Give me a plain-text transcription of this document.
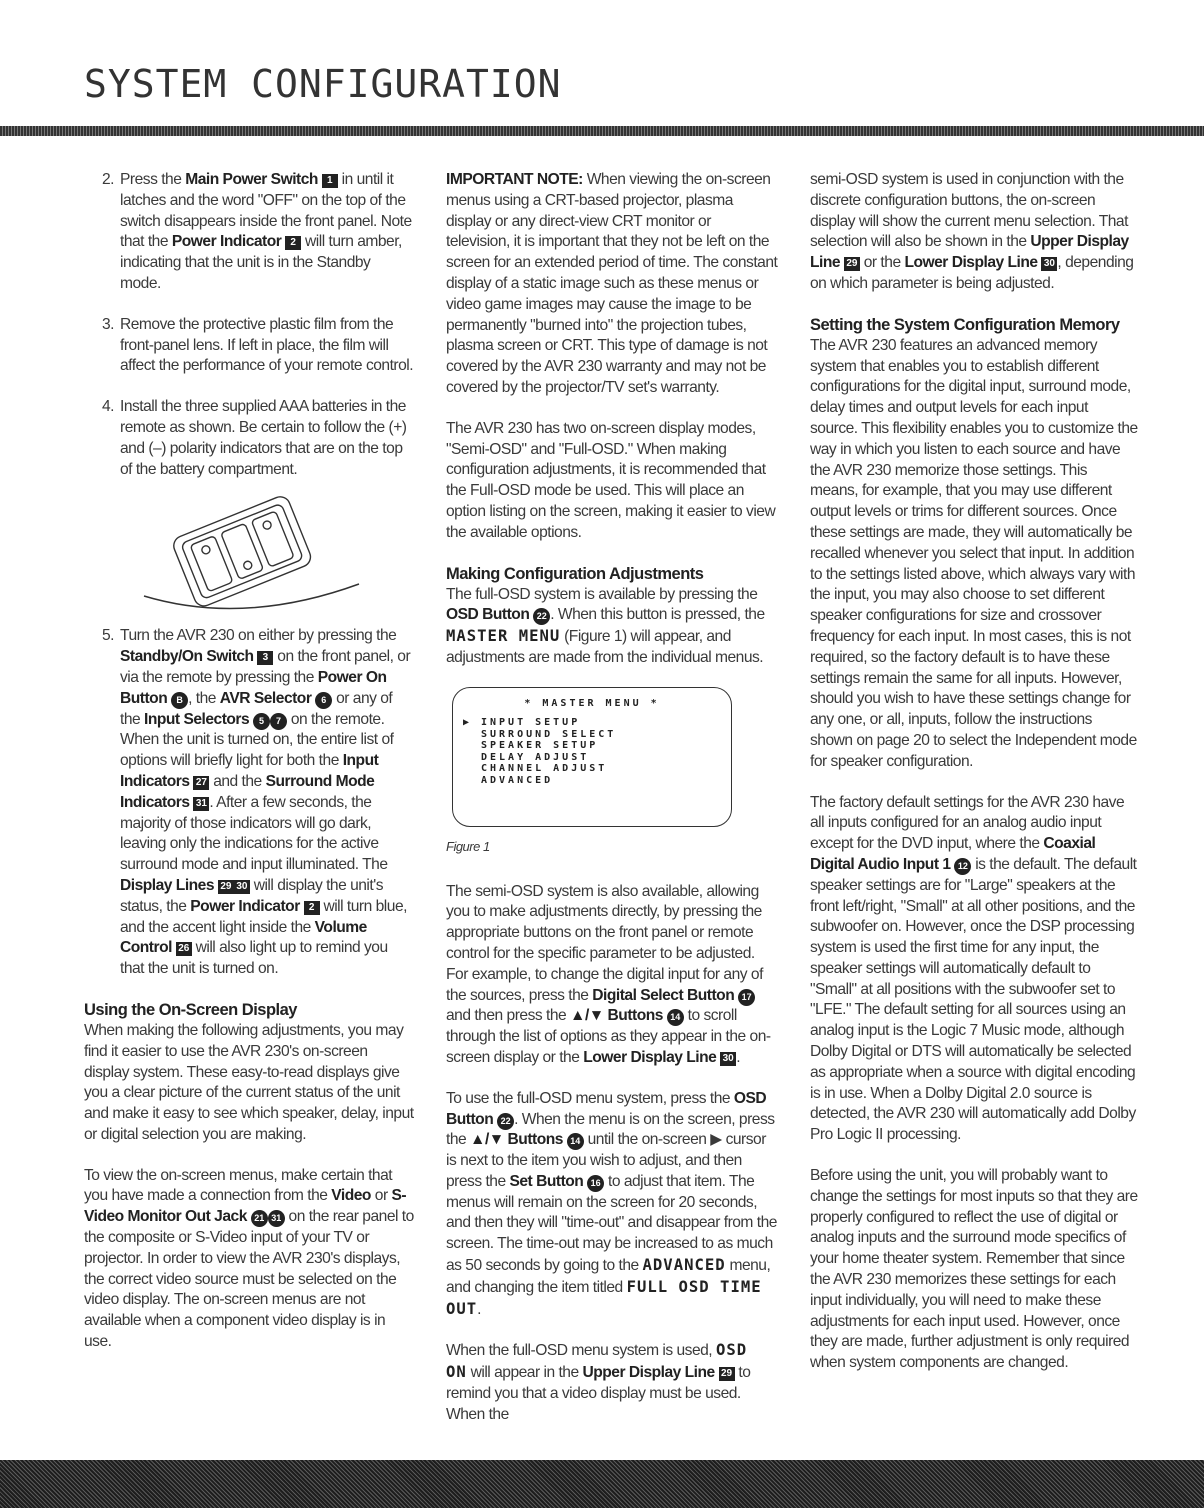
SYSTEM CONFIGURATION
2. Press the Main Power Switch 1 in until it latches and the word "OFF" on the top of the switch disappears inside the front panel. Note that the Power Indicator 2 will turn amber, indicating that the unit is in the Standby mode.

3. Remove the protective plastic film from the front-panel lens. If left in place, the film will affect the performance of your remote control.

4. Install the three supplied AAA batteries in the remote as shown. Be certain to follow the (+) and (–) polarity indicators that are on the top of the battery compartment.

5. Turn the AVR 230 on either by pressing the Standby/On Switch 3 on the front panel, or via the remote by pressing the Power On Button B , the AVR Selector 6 or any of the Input Selectors 5 7 on the remote. When the unit is turned on, the entire list of options will briefly light for both the Input Indicators 27 and the Surround Mode Indicators 31 . After a few seconds, the majority of those indicators will go dark, leaving only the indications for the active surround mode and input illuminated. The Display Lines 29 30 will display the unit's status, the Power Indicator 2 will turn blue, and the accent light inside the Volume Control 26 will also light up to remind you that the unit is turned on.

Using the On-Screen Display

When making the following adjustments, you may find it easier to use the AVR 230's on-screen display system. These easy-to-read displays give you a clear picture of the current status of the unit and make it easy to see which speaker, delay, input or digital selection you are making.

To view the on-screen menus, make certain that you have made a connection from the Video or S-Video Monitor Out Jack 21 31 on the rear panel to the composite or S-Video input of your TV or projector. In order to view the AVR 230's displays, the correct video source must be selected on the video display. The on-screen menus are not available when a component video display is in use.

IMPORTANT NOTE: When viewing the on-screen menus using a CRT-based projector, plasma display or any direct-view CRT monitor or television, it is important that they not be left on the screen for an extended period of time. The constant display of a static image such as these menus or video game images may cause the image to be permanently "burned into" the projection tubes, plasma screen or CRT. This type of damage is not covered by the AVR 230 warranty and may not be covered by the projector/TV set's warranty.

The AVR 230 has two on-screen display modes, "Semi-OSD" and "Full-OSD." When making configuration adjustments, it is recommended that the Full-OSD mode be used. This will place an option listing on the screen, making it easier to view the available options.

Making Configuration Adjustments

The full-OSD system is available by pressing the OSD Button 22 . When this button is pressed, the MASTER MENU (Figure 1) will appear, and adjustments are made from the individual menus.

* MASTER MENU *
▶ INPUT SETUP
SURROUND SELECT
SPEAKER SETUP
DELAY ADJUST
CHANNEL ADJUST
ADVANCED
Figure 1

The semi-OSD system is also available, allowing you to make adjustments directly, by pressing the appropriate buttons on the front panel or remote control for the specific parameter to be adjusted. For example, to change the digital input for any of the sources, press the Digital Select Button 17 and then press the ▲/▼ Buttons 14 to scroll through the list of options as they appear in the on-screen display or the Lower Display Line 30 .

To use the full-OSD menu system, press the OSD Button 22 . When the menu is on the screen, press the ▲/▼ Buttons 14 until the on-screen ▶ cursor is next to the item you wish to adjust, and then press the Set Button 16 to adjust that item. The menus will remain on the screen for 20 seconds, and then they will "time-out" and disappear from the screen. The time-out may be increased to as much as 50 seconds by going to the ADVANCED menu, and changing the item titled FULL OSD TIME OUT.

When the full-OSD menu system is used, OSD ON will appear in the Upper Display Line 29 to remind you that a video display must be used. When the

semi-OSD system is used in conjunction with the discrete configuration buttons, the on-screen display will show the current menu selection. That selection will also be shown in the Upper Display Line 29 or the Lower Display Line 30 , depending on which parameter is being adjusted.

Setting the System Configuration Memory

The AVR 230 features an advanced memory system that enables you to establish different configurations for the digital input, surround mode, delay times and output levels for each input source. This flexibility enables you to customize the way in which you listen to each source and have the AVR 230 memorize those settings. This means, for example, that you may use different output levels or trims for different sources. Once these settings are made, they will automatically be recalled whenever you select that input. In addition to the settings listed above, which always vary with the input, you may also choose to set different speaker configurations for size and crossover frequency for each input. In most cases, this is not required, so the factory default is to have these settings remain the same for all inputs. However, should you wish to have these settings change for any one, or all, inputs, follow the instructions shown on page 20 to select the Independent mode for speaker configuration.

The factory default settings for the AVR 230 have all inputs configured for an analog audio input except for the DVD input, where the Coaxial Digital Audio Input 1 12 is the default. The default speaker settings are for "Large" speakers at the front left/right, "Small" at all other positions, and the subwoofer on. However, once the DSP processing system is used the first time for any input, the speaker settings will automatically default to "Small" at all positions with the subwoofer set to "LFE." The default setting for all sources using an analog input is the Logic 7 Music mode, although Dolby Digital or DTS will automatically be selected as appropriate when a source with digital encoding is in use. When a Dolby Digital 2.0 source is detected, the AVR 230 will automatically add Dolby Pro Logic II processing.

Before using the unit, you will probably want to change the settings for most inputs so that they are properly configured to reflect the use of digital or analog inputs and the surround mode specifics of your home theater system. Remember that since the AVR 230 memorizes these settings for each input individually, you will need to make these adjustments for each input used. However, once they are made, further adjustment is only required when system components are changed.
